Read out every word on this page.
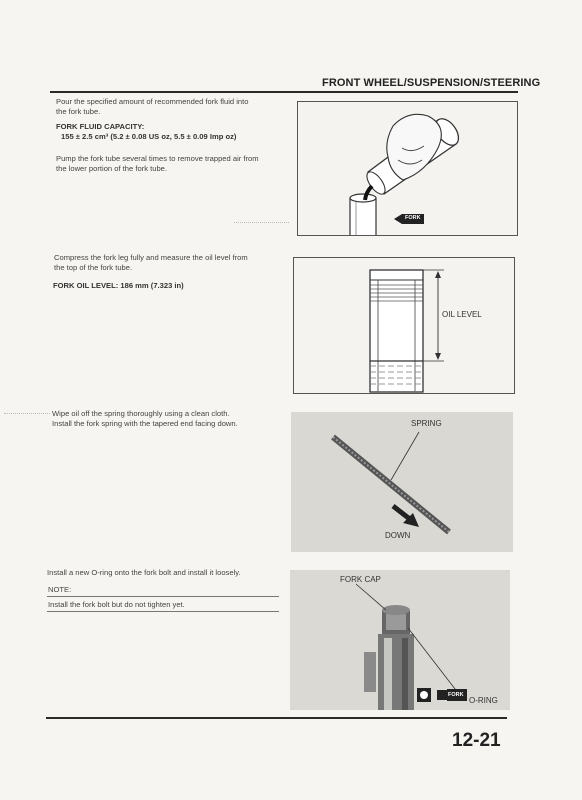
FRONT WHEEL/SUSPENSION/STEERING
Pour the specified amount of recommended fork fluid into
the fork tube.
FORK FLUID CAPACITY:
155 ± 2.5 cm³ (5.2 ± 0.08 US oz, 5.5 ± 0.09 Imp oz)
Pump the fork tube several times to remove trapped air from
the lower portion of the fork tube.
FORK
Compress the fork leg fully and measure the oil level from
the top of the fork tube.
FORK OIL LEVEL: 186 mm (7.323 in)
OIL LEVEL
Wipe oil off the spring thoroughly using a clean cloth.
Install the fork spring with the tapered end facing down.	SPRING
DOWN
Install a new O-ring onto the fork bolt and install it loosely.
NOTE:
Install the fork bolt but do not tighten yet.
FORK CAP
FORK
O-RING
12-21
